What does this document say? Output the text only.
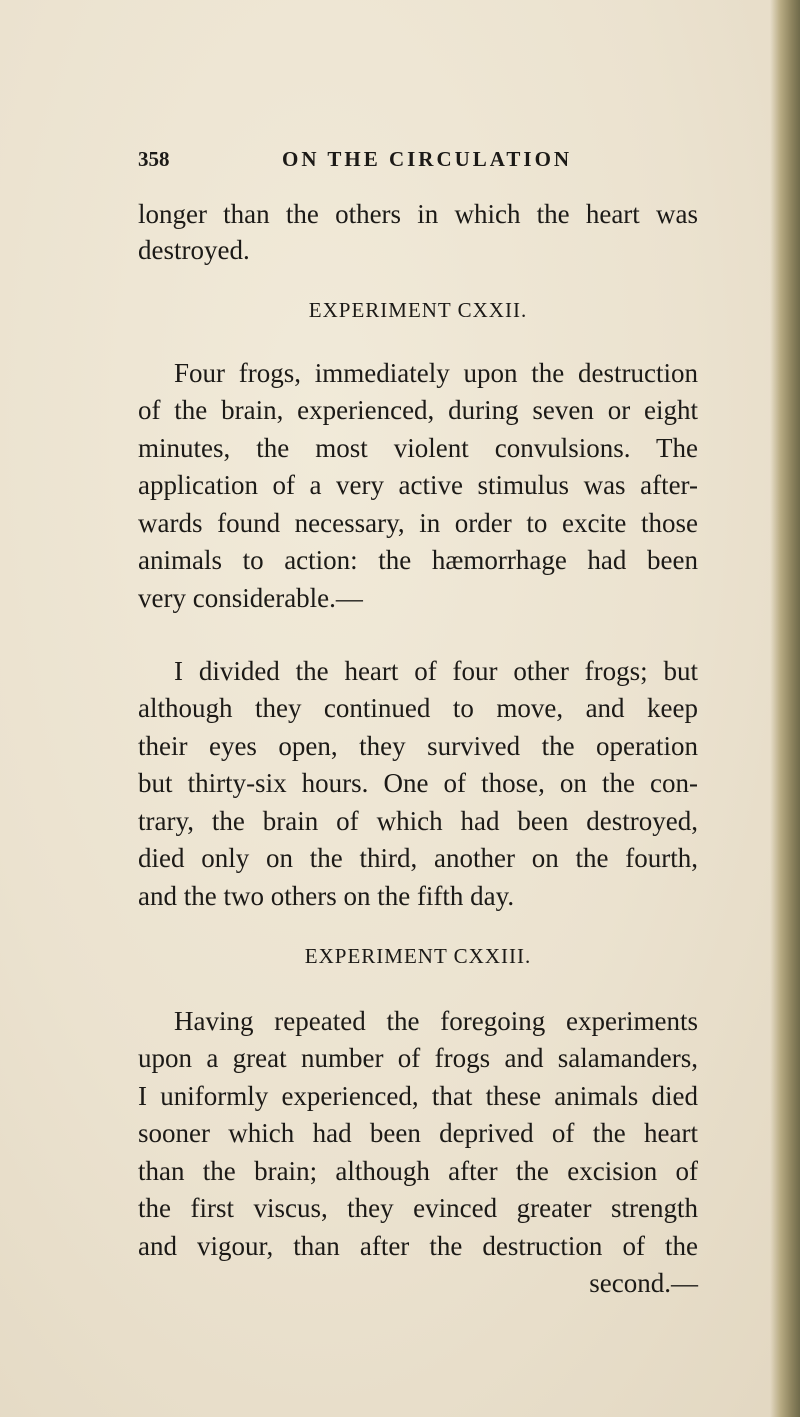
358	ON THE CIRCULATION
longer than the others in which the heart was
destroyed.
EXPERIMENT CXXII.
Four frogs, immediately upon the destruction
of the brain, experienced, during seven or eight
minutes, the most violent convulsions. The
application of a very active stimulus was after-
wards found necessary, in order to excite those
animals to action: the hæmorrhage had been
very considerable.—
I divided the heart of four other frogs; but
although they continued to move, and keep
their eyes open, they survived the operation
but thirty-six hours. One of those, on the con-
trary, the brain of which had been destroyed,
died only on the third, another on the fourth,
and the two others on the fifth day.
EXPERIMENT CXXIII.
Having repeated the foregoing experiments
upon a great number of frogs and salamanders,
I uniformly experienced, that these animals died
sooner which had been deprived of the heart
than the brain; although after the excision of
the first viscus, they evinced greater strength
and vigour, than after the destruction of the
second.—
